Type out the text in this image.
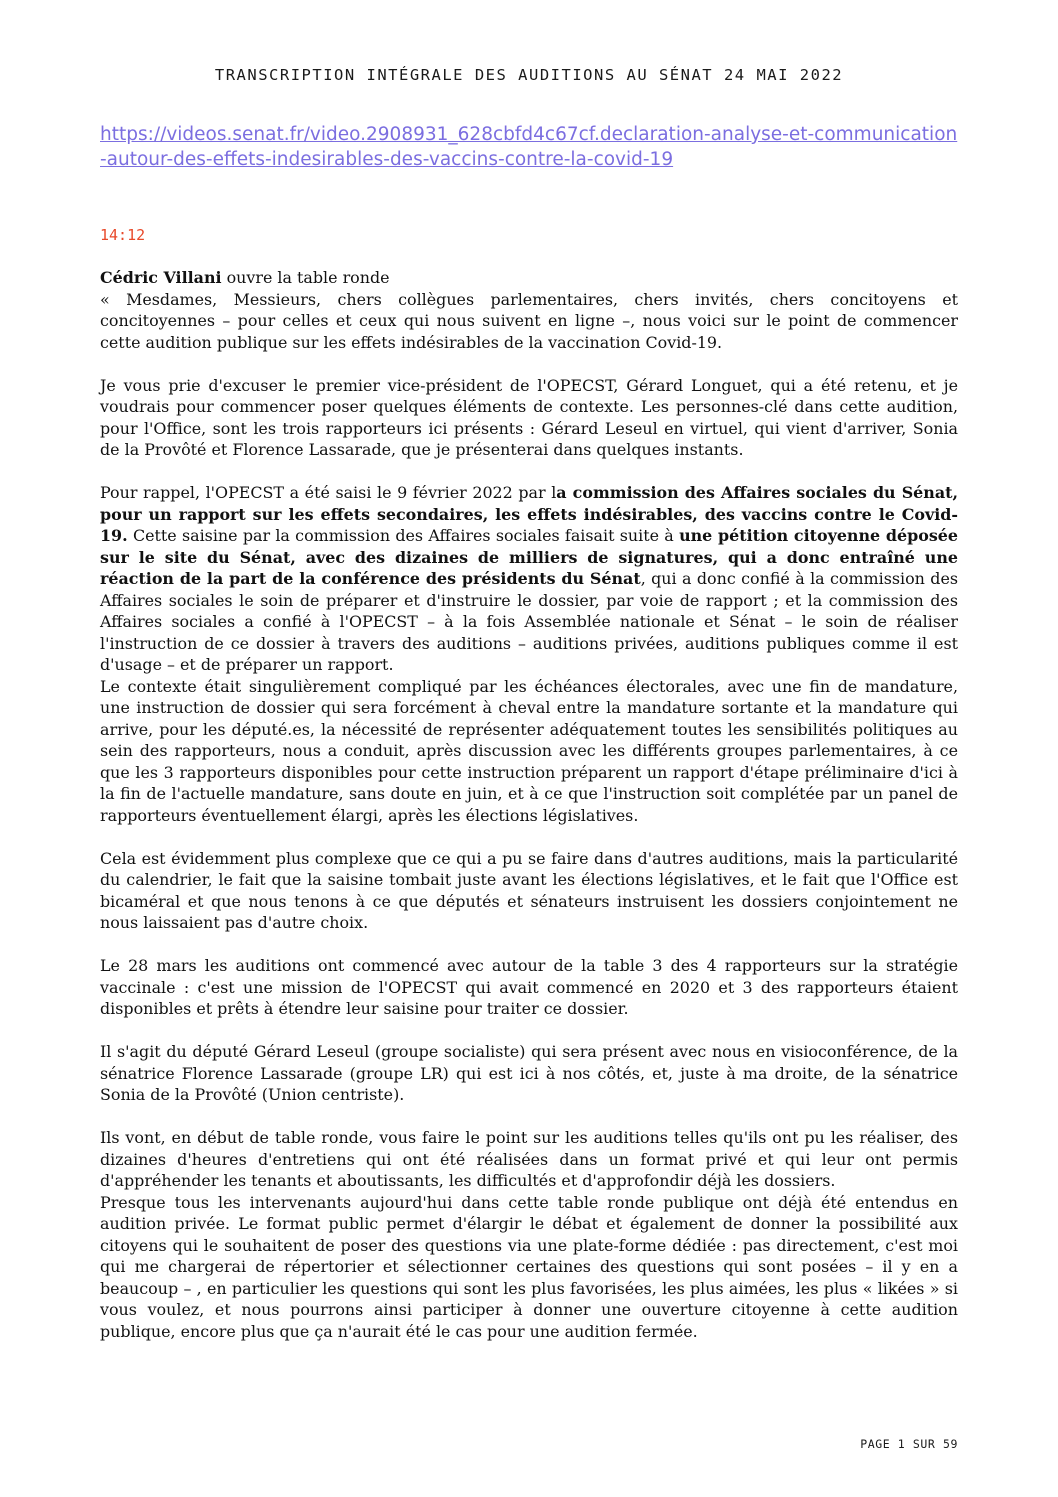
TRANSCRIPTION INTÉGRALE DES AUDITIONS AU SÉNAT 24 MAI 2022
https://videos.senat.fr/video.2908931_628cbfd4c67cf.declaration-analyse-et-communication-autour-des-effets-indesirables-des-vaccins-contre-la-covid-19
14:12

Cédric Villani ouvre la table ronde

« Mesdames, Messieurs, chers collègues parlementaires, chers invités, chers concitoyens et concitoyennes – pour celles et ceux qui nous suivent en ligne –, nous voici sur le point de commencer cette audition publique sur les effets indésirables de la vaccination Covid-19.

Je vous prie d'excuser le premier vice-président de l'OPECST, Gérard Longuet, qui a été retenu, et je voudrais pour commencer poser quelques éléments de contexte. Les personnes-clé dans cette audition, pour l'Office, sont les trois rapporteurs ici présents : Gérard Leseul en virtuel, qui vient d'arriver, Sonia de la Provôté et Florence Lassarade, que je présenterai dans quelques instants.

Pour rappel, l'OPECST a été saisi le 9 février 2022 par la commission des Affaires sociales du Sénat, pour un rapport sur les effets secondaires, les effets indésirables, des vaccins contre le Covid-19. Cette saisine par la commission des Affaires sociales faisait suite à une pétition citoyenne déposée sur le site du Sénat, avec des dizaines de milliers de signatures, qui a donc entraîné une réaction de la part de la conférence des présidents du Sénat, qui a donc confié à la commission des Affaires sociales le soin de préparer et d'instruire le dossier, par voie de rapport ; et la commission des Affaires sociales a confié à l'OPECST – à la fois Assemblée nationale et Sénat – le soin de réaliser l'instruction de ce dossier à travers des auditions – auditions privées, auditions publiques comme il est d'usage – et de préparer un rapport.

Le contexte était singulièrement compliqué par les échéances électorales, avec une fin de mandature, une instruction de dossier qui sera forcément à cheval entre la mandature sortante et la mandature qui arrive, pour les député.es, la nécessité de représenter adéquatement toutes les sensibilités politiques au sein des rapporteurs, nous a conduit, après discussion avec les différents groupes parlementaires, à ce que les 3 rapporteurs disponibles pour cette instruction préparent un rapport d'étape préliminaire d'ici à la fin de l'actuelle mandature, sans doute en juin, et à ce que l'instruction soit complétée par un panel de rapporteurs éventuellement élargi, après les élections législatives.

Cela est évidemment plus complexe que ce qui a pu se faire dans d'autres auditions, mais la particularité du calendrier, le fait que la saisine tombait juste avant les élections législatives, et le fait que l'Office est bicaméral et que nous tenons à ce que députés et sénateurs instruisent les dossiers conjointement ne nous laissaient pas d'autre choix.

Le 28 mars les auditions ont commencé avec autour de la table 3 des 4 rapporteurs sur la stratégie vaccinale : c'est une mission de l'OPECST qui avait commencé en 2020 et 3 des rapporteurs étaient disponibles et prêts à étendre leur saisine pour traiter ce dossier.

Il s'agit du député Gérard Leseul (groupe socialiste) qui sera présent avec nous en visioconférence, de la sénatrice Florence Lassarade (groupe LR) qui est ici à nos côtés, et, juste à ma droite, de la sénatrice Sonia de la Provôté (Union centriste).

Ils vont, en début de table ronde, vous faire le point sur les auditions telles qu'ils ont pu les réaliser, des dizaines d'heures d'entretiens qui ont été réalisées dans un format privé et qui leur ont permis d'appréhender les tenants et aboutissants, les difficultés et d'approfondir déjà les dossiers.

Presque tous les intervenants aujourd'hui dans cette table ronde publique ont déjà été entendus en audition privée. Le format public permet d'élargir le débat et également de donner la possibilité aux citoyens qui le souhaitent de poser des questions via une plate-forme dédiée : pas directement, c'est moi qui me chargerai de répertorier et sélectionner certaines des questions qui sont posées – il y en a beaucoup – , en particulier les questions qui sont les plus favorisées, les plus aimées, les plus « likées » si vous voulez, et nous pourrons ainsi participer à donner une ouverture citoyenne à cette audition publique, encore plus que ça n'aurait été le cas pour une audition fermée.

PAGE 1 SUR 59
